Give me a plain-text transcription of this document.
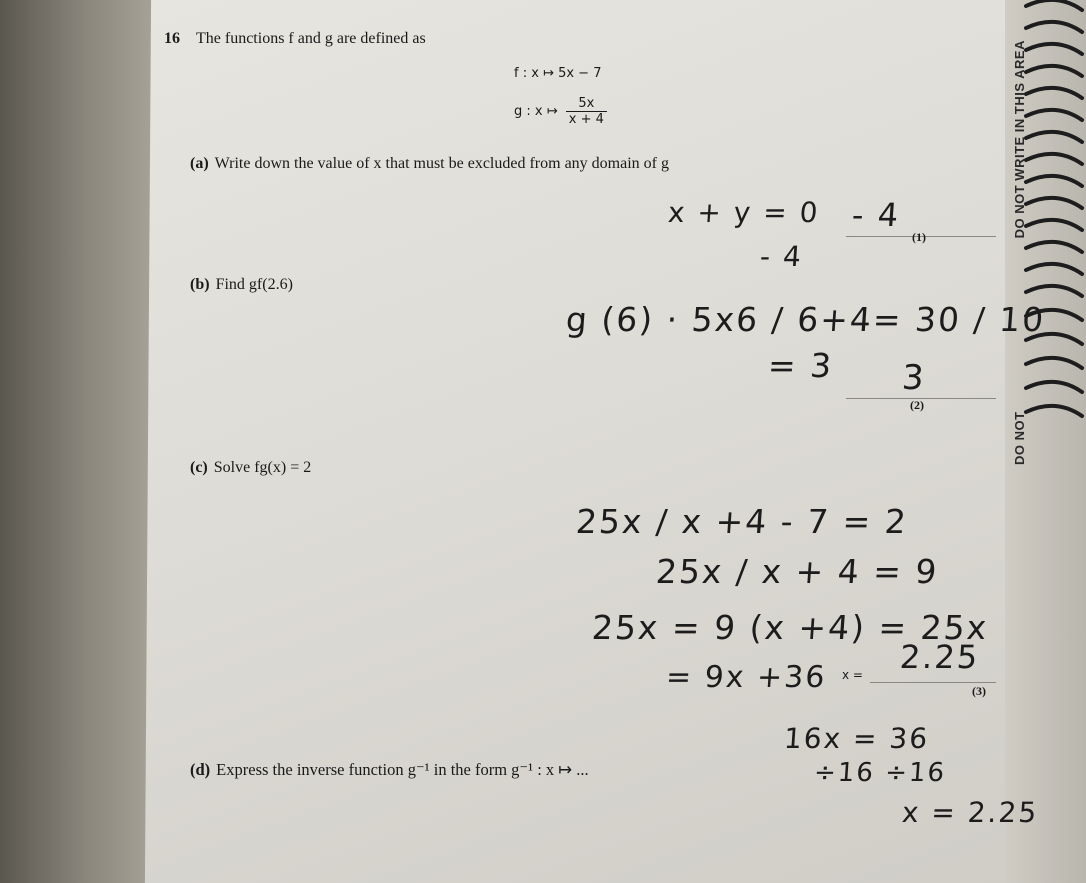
DO NOT WRITE IN THIS AREA
DO NOT
16 The functions f and g are defined as
f : x ↦ 5x − 7
g : x ↦ $\frac{5x}{x + 4}$
(a) Write down the value of x that must be excluded from any domain of g
(1)
(b) Find gf(2.6)
(2)
(c) Solve fg(x) = 2
x =
(3)
(d) Express the inverse function g⁻¹ in the form g⁻¹ : x ↦ ...
x + y = 0 - 4
- 4
g (6) · 5x6 / 6+4= 30 / 10
= 3 3
25x / x +4 - 7 = 2
25x / x + 4 = 9
25x = 9 (x +4) = 25x
= 9x +36
2.25
16x = 36
÷16 ÷16
x = 2.25
